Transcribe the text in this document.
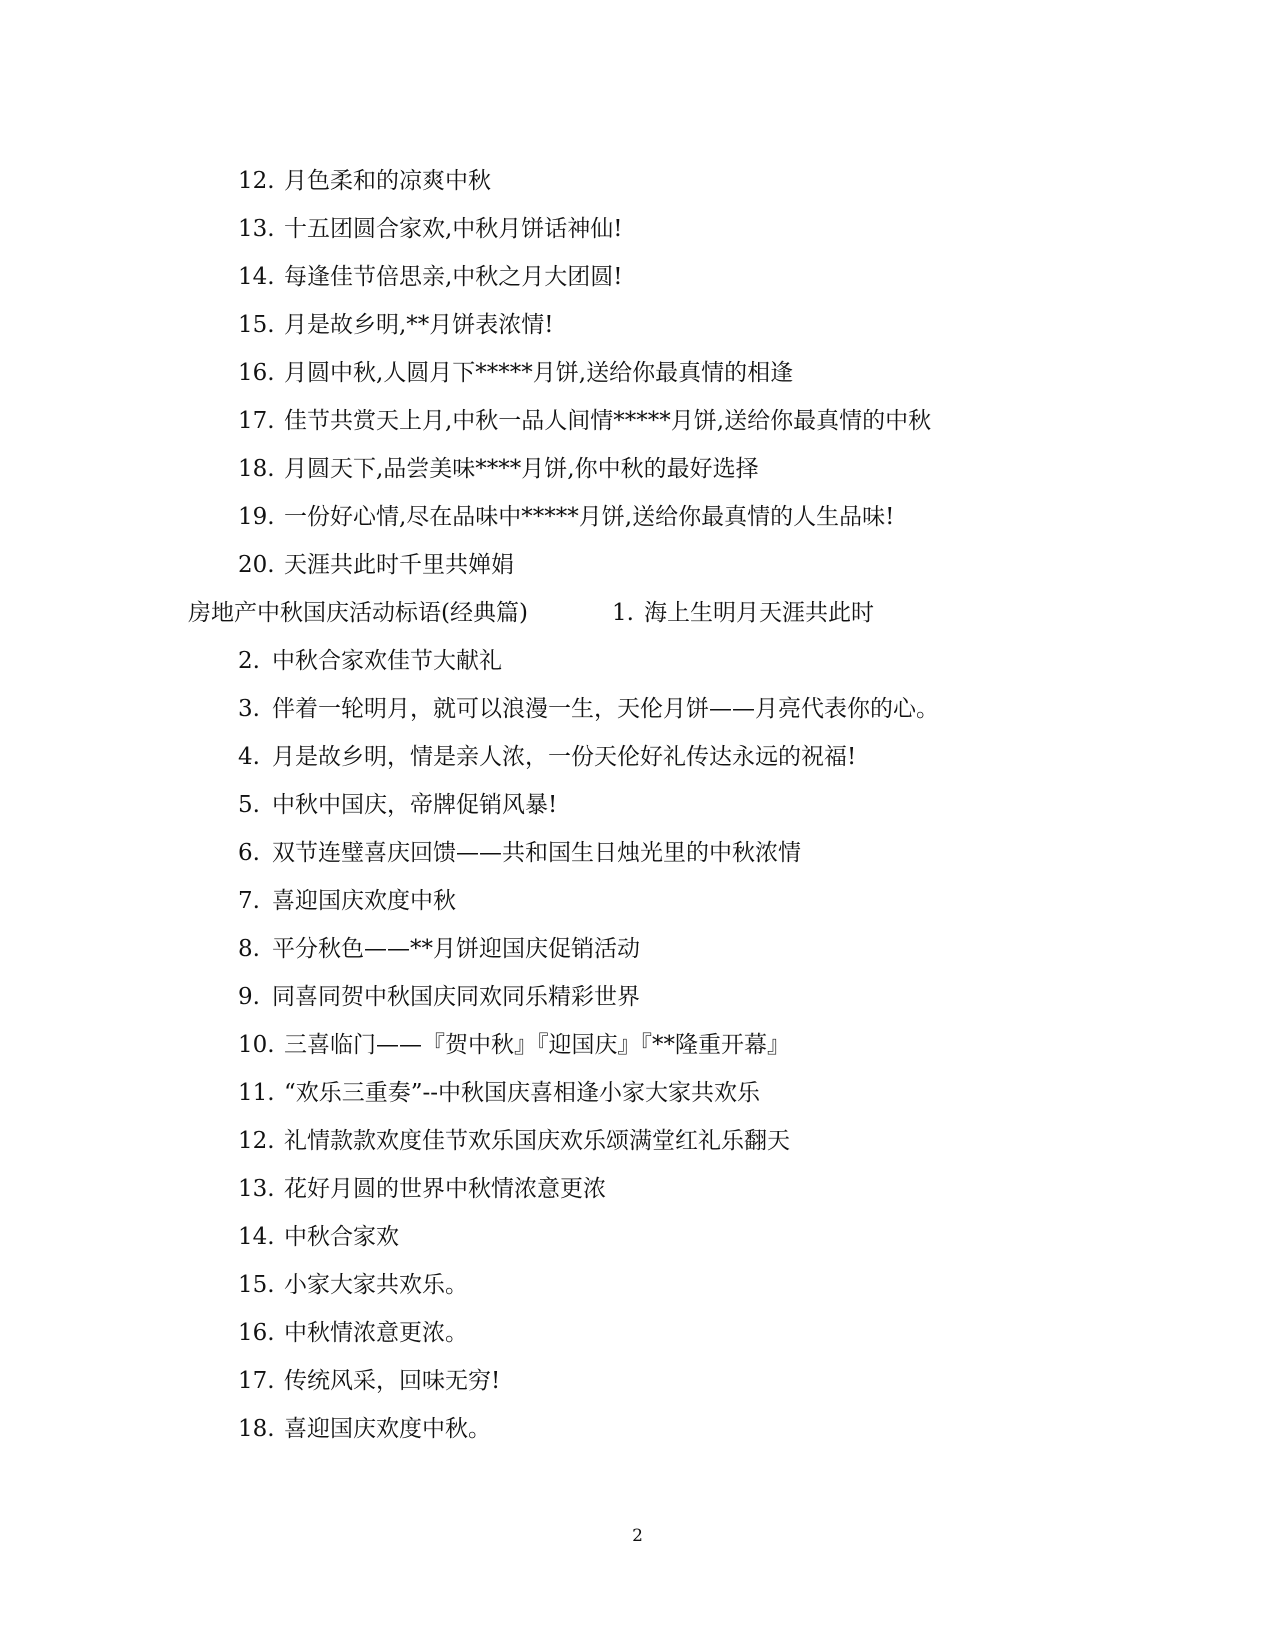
12. 月色柔和的凉爽中秋
13. 十五团圆合家欢,中秋月饼话神仙!
14. 每逢佳节倍思亲,中秋之月大团圆!
15. 月是故乡明,**月饼表浓情!
16. 月圆中秋,人圆月下*****月饼,送给你最真情的相逢
17. 佳节共赏天上月,中秋一品人间情*****月饼,送给你最真情的中秋
18. 月圆天下,品尝美味****月饼,你中秋的最好选择
19. 一份好心情,尽在品味中*****月饼,送给你最真情的人生品味!
20. 天涯共此时千里共婵娟
房地产中秋国庆活动标语(经典篇)	1. 海上生明月天涯共此时
2. 中秋合家欢佳节大献礼
3. 伴着一轮明月，就可以浪漫一生，天伦月饼——月亮代表你的心。
4. 月是故乡明，情是亲人浓，一份天伦好礼传达永远的祝福!
5. 中秋中国庆，帝牌促销风暴!
6. 双节连璧喜庆回馈——共和国生日烛光里的中秋浓情
7. 喜迎国庆欢度中秋
8. 平分秋色——**月饼迎国庆促销活动
9. 同喜同贺中秋国庆同欢同乐精彩世界
10. 三喜临门——『贺中秋』『迎国庆』『**隆重开幕』
11. “欢乐三重奏”--中秋国庆喜相逢小家大家共欢乐
12. 礼情款款欢度佳节欢乐国庆欢乐颂满堂红礼乐翻天
13. 花好月圆的世界中秋情浓意更浓
14. 中秋合家欢
15. 小家大家共欢乐。
16. 中秋情浓意更浓。
17. 传统风采，回味无穷!
18. 喜迎国庆欢度中秋。
2
